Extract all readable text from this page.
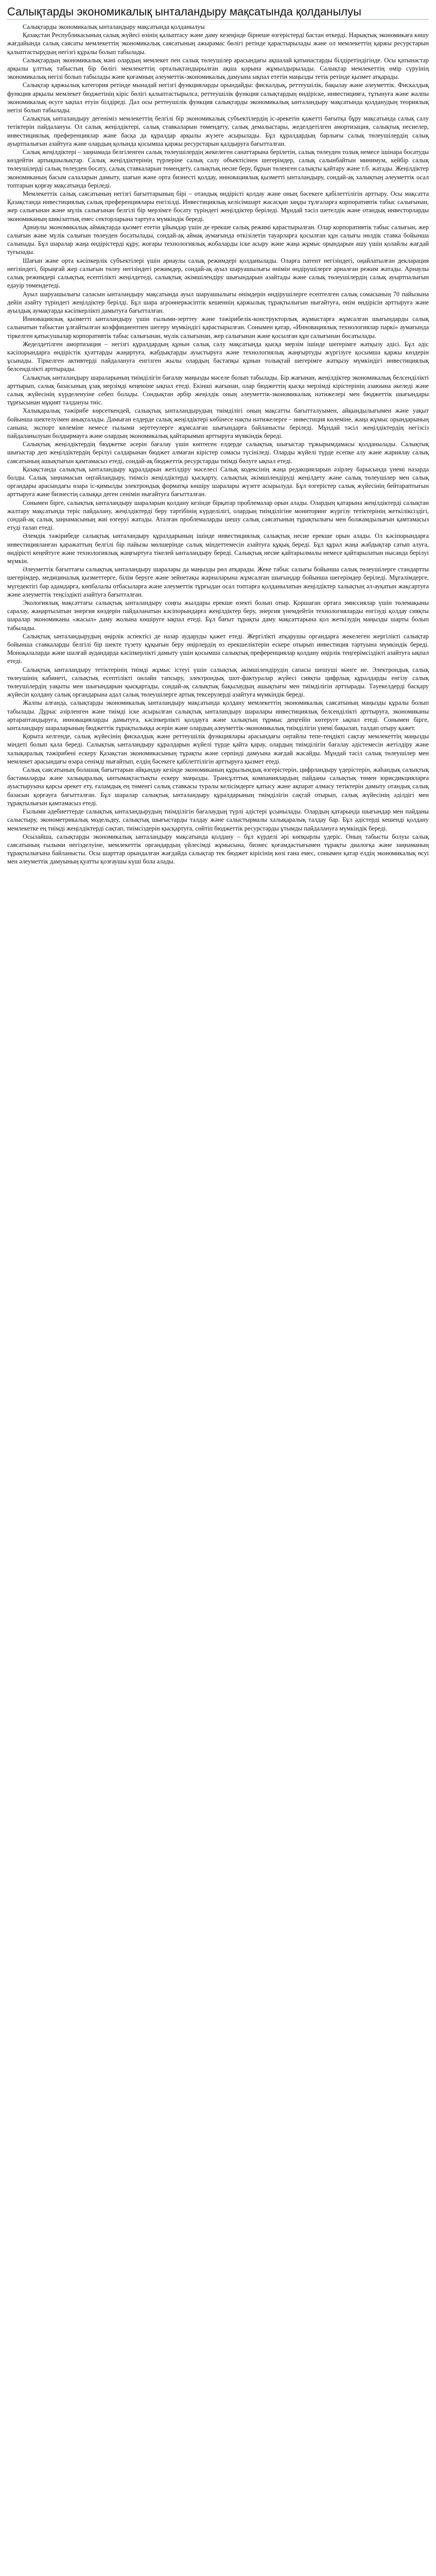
Салықтарды экономикалық ынталандыру мақсатында қолданылуы

Салықтарды экономикалық ынталандыру мақсатында қолданылуы

Қазақстан Республикасының салық жүйесі өзінің қалыптасу және даму кезеңінде бірнеше өзгерістерді бастан өткерді. Нарықтық экономикаға көшу жағдайында салық саясаты мемлекеттің экономикалық саясатының ажырамас бөлігі ретінде қарастырылады және ол мемлекеттің қаржы ресурстарын қалыптастырудың негізгі құралы болып табылады.

Салықтардың экономикалық мәні олардың мемлекет пен салық төлеушілер арасындағы ақшалай қатынастарды білдіретіндігінде. Осы қатынастар арқылы ұлттық табыстың бір бөлігі мемлекеттің орталықтандырылған ақша қорына жұмылдырылады. Салықтар мемлекеттің өмір сүруінің экономикалық негізі болып табылады және қоғамның әлеуметтік-экономикалық дамуына ықпал ететін маңызды тетік ретінде қызмет атқарады.

Салықтар қаржылық категория ретінде мынадай негізгі функцияларды орындайды: фискалдық, реттеушілік, бақылау және әлеуметтік. Фискалдық функция арқылы мемлекет бюджетінің кіріс бөлігі қалыптастырылса, реттеушілік функция салықтардың өндіріске, инвестицияға, тұтынуға және жалпы экономикалық өсуге ықпал етуін білдіреді. Дәл осы реттеушілік функция салықтарды экономикалық ынталандыру мақсатында қолданудың теориялық негізі болып табылады.

Салықтық ынталандыру дегеніміз мемлекеттің белгілі бір экономикалық субъектілердің іс-әрекетін қажетті бағытқа бұру мақсатында салық салу тетіктерін пайдалануы. Ол салық жеңілдіктері, салық ставкаларын төмендету, салық демалыстары, жеделдетілген амортизация, салықтық несиелер, инвестициялық преференциялар және басқа да құралдар арқылы жүзеге асырылады. Бұл құралдардың барлығы салық төлеушілердің салық ауыртпалығын азайтуға және олардың қолында қосымша қаржы ресурстарын қалдыруға бағытталған.

Салық жеңілдіктері – заңнамада белгіленген салық төлеушілердің жекелеген санаттарына берілетін, салық төлеуден толық немесе ішінара босатуды көздейтін артықшылықтар. Салық жеңілдіктерінің түрлеріне салық салу объектісінен шегерімдер, салық салынбайтын минимум, кейбір салық төлеушілерді салық төлеуден босату, салық ставкаларын төмендету, салықтық несие беру, бұрын төленген салықты қайтару және т.б. жатады. Жеңілдіктер экономиканың басым салаларын дамыту, шағын және орта бизнесті қолдау, инновациялық қызметті ынталандыру, сондай-ақ халықтың әлеуметтік осал топтарын қорғау мақсатында беріледі.

Мемлекеттік салық саясатының негізгі бағыттарының бірі – отандық өндірісті қолдау және оның бәсекеге қабілеттілігін арттыру. Осы мақсатта Қазақстанда инвестициялық салық преференциялары енгізілді. Инвестициялық келісімшарт жасасқан заңды тұлғаларға корпоративтік табыс салығынан, жер салығынан және мүлік салығынан белгілі бір мерзімге босату түріндегі жеңілдіктер беріледі. Мұндай тәсіл шетелдік және отандық инвесторларды экономиканың шикізаттық емес секторларына тартуға мүмкіндік береді.

Арнаулы экономикалық аймақтарда қызмет ететін ұйымдар үшін де ерекше салық режимі қарастырылған. Олар корпоративтік табыс салығын, жер салығын және мүлік салығын төлеуден босатылады, сондай-ақ аймақ аумағында өткізілетін тауарларға қосылған құн салығы нөлдік ставка бойынша салынады. Бұл шаралар жаңа өндірістерді құру, жоғары технологиялық жобаларды іске асыру және жаңа жұмыс орындарын ашу үшін қолайлы жағдай туғызады.

Шағын және орта кәсіпкерлік субъектілері үшін арнаулы салық режимдері қолданылады. Оларға патент негізіндегі, оңайлатылған декларация негізіндегі, бірыңғай жер салығын төлеу негізіндегі режимдер, сондай-ақ ауыл шаруашылығы өнімін өндірушілерге арналған режим жатады. Арнаулы салық режимдері салықтық есептілікті жеңілдетеді, салықтық әкімшілендіру шығындарын азайтады және салық төлеушілердің салық ауыртпалығын едәуір төмендетеді.

Ауыл шаруашылығы саласын ынталандыру мақсатында ауыл шаруашылығы өнімдерін өндірушілерге есептелген салық сомасының 70 пайызына дейін азайту түріндегі жеңілдіктер берілді. Бұл шара агроөнеркәсіптік кешеннің қаржылық тұрақтылығын нығайтуға, өнім өндірісін арттыруға және ауылдық аумақтарда кәсіпкерлікті дамытуға бағытталған.

Инновациялық қызметті ынталандыру үшін ғылыми-зерттеу және тәжірибелік-конструкторлық жұмыстарға жұмсалған шығындарды салық салынатын табыстан ұлғайтылған коэффициентпен шегеру мүмкіндігі қарастырылған. Сонымен қатар, «Инновациялық технологиялар паркі» аумағында тіркелген қатысушылар корпоративтік табыс салығынан, мүлік салығынан, жер салығынан және қосылған құн салығынан босатылады.

Жеделдетілген амортизация – негізгі құралдардың құнын салық салу мақсатында қысқа мерзім ішінде шегерімге жатқызу әдісі. Бұл әдіс кәсіпорындарға өндірістік қуаттарды жаңартуға, жабдықтарды ауыстыруға және технологиялық жаңғыртуды жүргізуге қосымша қаржы көздерін ұсынады. Тіркелген активтерді пайдалануға енгізген жылы олардың бастапқы құнын толықтай шегерімге жатқызу мүмкіндігі инвестициялық белсенділікті арттырады.

Салықтық ынталандыру шараларының тиімділігін бағалау маңызды мәселе болып табылады. Бір жағынан, жеңілдіктер экономикалық белсенділікті арттырып, салық базасының ұзақ мерзімді кеңеюіне ықпал етеді. Екінші жағынан, олар бюджеттің қысқа мерзімді кірістерінің азаюына әкеледі және салық жүйесінің күрделенуіне себеп болады. Сондықтан әрбір жеңілдік оның әлеуметтік-экономикалық нәтижелері мен бюджеттік шығындары тұрғысынан мұқият талдануы тиіс.

Халықаралық тәжірибе көрсеткендей, салықтық ынталандырудың тиімділігі оның мақсатты бағытталуымен, айқындылығымен және уақыт бойынша шектелуімен анықталады. Дамыған елдерде салық жеңілдіктері көбінесе нақты нәтижелерге – инвестиция көлеміне, жаңа жұмыс орындарының санына, экспорт көлеміне немесе ғылыми зерттеулерге жұмсалған шығындарға байланысты беріледі. Мұндай тәсіл жеңілдіктердің негізсіз пайдаланылуын болдырмауға және олардың экономикалық қайтарымын арттыруға мүмкіндік береді.

Салықтық жеңілдіктердің бюджетке әсерін бағалау үшін көптеген елдерде салықтық шығыстар тұжырымдамасы қолданылады. Салықтық шығыстар деп жеңілдіктердің берілуі салдарынан бюджет алмаған кірістер сомасы түсініледі. Оларды жүйелі түрде есепке алу және жариялау салық саясатының ашықтығын қамтамасыз етеді, сондай-ақ бюджеттік ресурстарды тиімді бөлуге ықпал етеді.

Қазақстанда салықтық ынталандыру құралдарын жетілдіру мәселесі Салық кодексінің жаңа редакцияларын әзірлеу барысында үнемі назарда болды. Салық заңнамасын оңтайландыру, тиімсіз жеңілдіктерді қысқарту, салықтық әкімшілендіруді жеңілдету және салық төлеушілер мен салық органдары арасындағы өзара іс-қимылды электрондық форматқа көшіру шаралары жүзеге асырылуда. Бұл өзгерістер салық жүйесінің бейтараптығын арттыруға және бизнестің салыққа деген сенімін нығайтуға бағытталған.

Сонымен бірге, салықтық ынталандыру шараларын қолдану кезінде бірқатар проблемалар орын алады. Олардың қатарына жеңілдіктерді салықтан жалтару мақсатында теріс пайдалану, жеңілдіктерді беру тәртібінің күрделілігі, олардың тиімділігіне мониторинг жүргізу тетіктерінің жеткіліксіздігі, сондай-ақ салық заңнамасының жиі өзгеруі жатады. Аталған проблемаларды шешу салық саясатының тұрақтылығы мен болжамдылығын қамтамасыз етуді талап етеді.

Әлемдік тәжірибеде салықтық ынталандыру құралдарының ішінде инвестициялық салықтық несие ерекше орын алады. Ол кәсіпорындарға инвестицияланған қаражаттың белгілі бір пайызы мөлшерінде салық міндеттемесін азайтуға құқық береді. Бұл құрал жаңа жабдықтар сатып алуға, өндірісті кеңейтуге және технологиялық жаңғыртуға тікелей ынталандыру береді. Салықтық несие қайтарылмалы немесе қайтарылатын нысанда берілуі мүмкін.

Әлеуметтік бағыттағы салықтық ынталандыру шаралары да маңызды рөл атқарады. Жеке табыс салығы бойынша салық төлеушілерге стандартты шегерімдер, медициналық қызметтерге, білім беруге және зейнетақы жарналарына жұмсалған шығындар бойынша шегерімдер беріледі. Мұғалімдерге, мүгедектігі бар адамдарға, көпбалалы отбасыларға және әлеуметтік тұрғыдан осал топтарға қолданылатын жеңілдіктер халықтың әл-ауқатын жақсартуға және әлеуметтік теңсіздікті азайтуға бағытталған.

Экологиялық мақсаттағы салықтық ынталандыру соңғы жылдары ерекше өзекті болып отыр. Қоршаған ортаға эмиссиялар үшін төлемақыны саралау, жаңартылатын энергия көздерін пайдаланатын кәсіпорындарға жеңілдіктер беру, энергия үнемдейтін технологияларды енгізуді қолдау сияқты шаралар экономиканы «жасыл» даму жолына көшіруге ықпал етеді. Бұл бағыт тұрақты даму мақсаттарына қол жеткізудің маңызды шарты болып табылады.

Салықтық ынталандырудың өңірлік аспектісі де назар аударуды қажет етеді. Жергілікті атқарушы органдарға жекелеген жергілікті салықтар бойынша ставкаларды белгілі бір шекте түзету құқығын беру өңірлердің өз ерекшеліктерін ескере отырып инвестиция тартуына мүмкіндік береді. Моноқалаларда және шалғай аудандарда кәсіпкерлікті дамыту үшін қосымша салықтық преференциялар қолдану өңірлік теңгерімсіздікті азайтуға ықпал етеді.

Салықтық ынталандыру тетіктерінің тиімді жұмыс істеуі үшін салықтық әкімшілендірудің сапасы шешуші мәнге ие. Электрондық салық төлеушінің кабинеті, салықтық есептілікті онлайн тапсыру, электрондық шот-фактуралар жүйесі сияқты цифрлық құралдарды енгізу салық төлеушілердің уақыты мен шығындарын қысқартады, сондай-ақ салықтық бақылаудың ашықтығы мен тиімділігін арттырады. Тәуекелдерді басқару жүйесін қолдану салық органдарына адал салық төлеушілерге артық тексерулерді азайтуға мүмкіндік береді.

Жалпы алғанда, салықтарды экономикалық ынталандыру мақсатында қолдану мемлекеттің экономикалық саясатының маңызды құралы болып табылады. Дұрыс әзірленген және тиімді іске асырылған салықтық ынталандыру шаралары инвестициялық белсенділікті арттыруға, экономиканы әртараптандыруға, инновацияларды дамытуға, кәсіпкерлікті қолдауға және халықтың тұрмыс деңгейін көтеруге ықпал етеді. Сонымен бірге, ынталандыру шараларының бюджеттік тұрақтылыққа әсерін және олардың әлеуметтік-экономикалық тиімділігін үнемі бақылап, талдап отыру қажет.

Қорыта келгенде, салық жүйесінің фискалдық және реттеушілік функциялары арасындағы оңтайлы тепе-теңдікті сақтау мемлекеттің маңызды міндеті болып қала береді. Салықтық ынталандыру құралдарын жүйелі түрде қайта қарау, олардың тиімділігін бағалау әдістемесін жетілдіру және халықаралық тәжірибені ескеру Қазақстан экономикасының тұрақты және серпінді дамуына жағдай жасайды. Мұндай тәсіл салық төлеушілер мен мемлекет арасындағы өзара сенімді нығайтып, елдің бәсекеге қабілеттілігін арттыруға қызмет етеді.

Салық саясатының болашақ бағыттарын айқындау кезінде экономиканың құрылымдық өзгерістерін, цифрландыру үдерістерін, жаһандық салықтық бастамаларды және халықаралық ынтымақтастықты ескеру маңызды. Трансұлттық компаниялардың пайданы салықтық төмен юрисдикцияларға ауыстыруына қарсы әрекет ету, ғаламдық ең төменгі салық ставкасы туралы келісімдерге қатысу және ақпарат алмасу тетіктерін дамыту отандық салық базасын қорғауға бағытталған. Бұл шаралар салықтық ынталандыру құралдарының тиімділігін сақтай отырып, салық жүйесінің әділдігі мен тұрақтылығын қамтамасыз етеді.

Ғылыми әдебиеттерде салықтық ынталандырудың тиімділігін бағалаудың түрлі әдістері ұсынылады. Олардың қатарында шығындар мен пайданы салыстыру, эконометрикалық модельдеу, салықтық шығыстарды талдау және салыстырмалы халықаралық талдау бар. Бұл әдістерді кешенді қолдану мемлекетке ең тиімді жеңілдіктерді сақтап, тиімсіздерін қысқартуға, сөйтіп бюджеттік ресурстарды ұтымды пайдалануға мүмкіндік береді.

Осылайша, салықтарды экономикалық ынталандыру мақсатында қолдану – бұл күрделі әрі көпқырлы үдеріс. Оның табысты болуы салық саясатының ғылыми негізделуіне, мемлекеттік органдардың үйлесімді жұмысына, бизнес қоғамдастығымен тұрақты диалогқа және заңнаманың тұрақтылығына байланысты. Осы шарттар орындалған жағдайда салықтар тек бюджет кірісінің көзі ғана емес, сонымен қатар елдің экономикалық өсуі мен әлеуметтік дамуының қуатты қозғаушы күші бола алады.
